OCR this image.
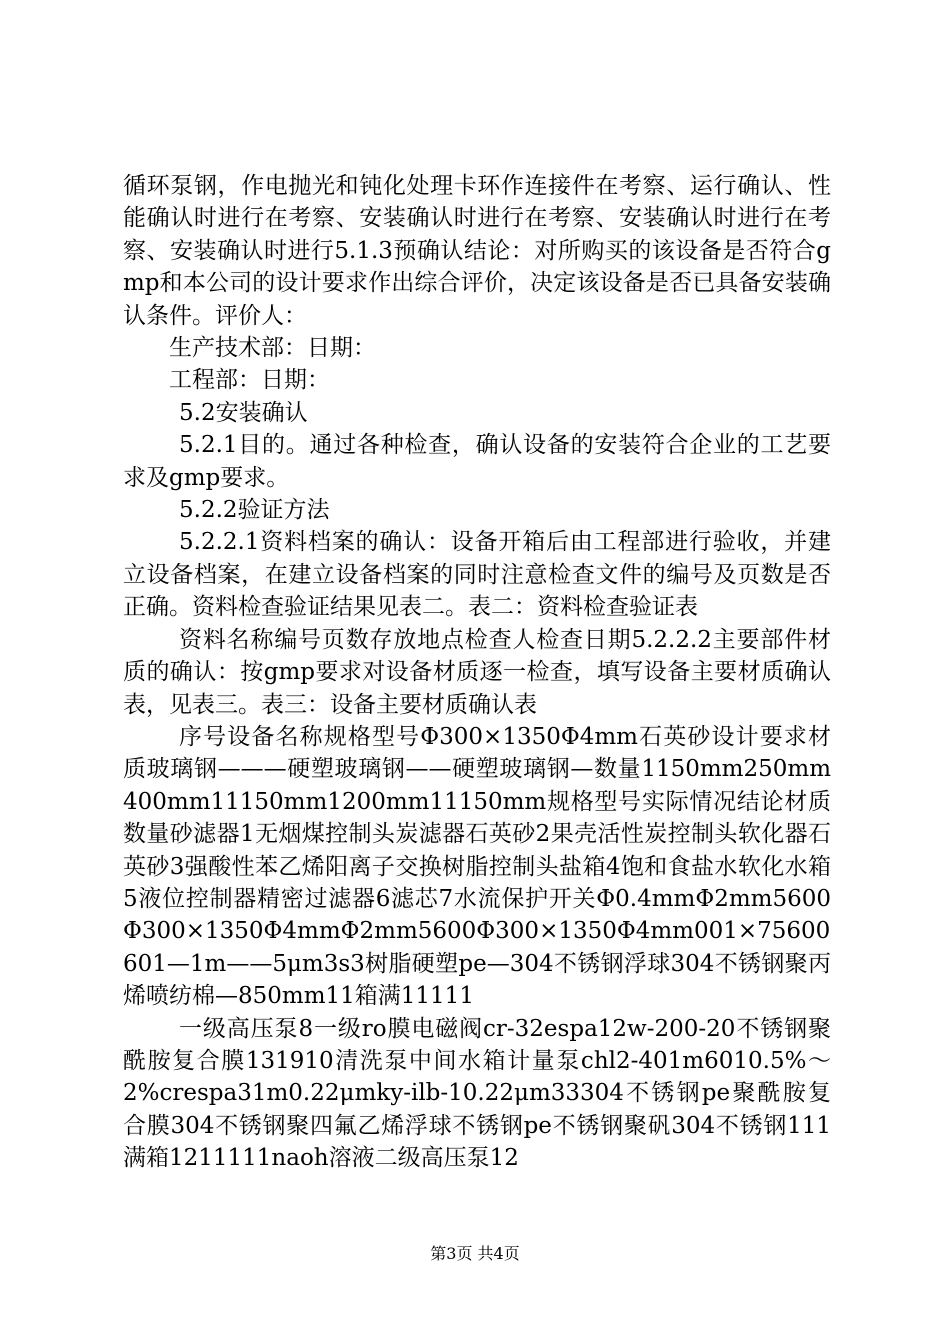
循环泵钢，作电抛光和钝化处理卡环作连接件在考察、运行确认、性能确认时进行在考察、安装确认时进行在考察、安装确认时进行在考察、安装确认时进行5.1.3预确认结论：对所购买的该设备是否符合gmp和本公司的设计要求作出综合评价，决定该设备是否已具备安装确认条件。评价人：

生产技术部：日期：

工程部：日期：

5.2安装确认

5.2.1目的。通过各种检查，确认设备的安装符合企业的工艺要求及gmp要求。

5.2.2验证方法

5.2.2.1资料档案的确认：设备开箱后由工程部进行验收，并建立设备档案，在建立设备档案的同时注意检查文件的编号及页数是否正确。资料检查验证结果见表二。表二：资料检查验证表

资料名称编号页数存放地点检查人检查日期5.2.2.2主要部件材质的确认：按gmp要求对设备材质逐一检查，填写设备主要材质确认表，见表三。表三：设备主要材质确认表

序号设备名称规格型号Φ300×1350Φ4mm石英砂设计要求材质玻璃钢———硬塑玻璃钢——硬塑玻璃钢—数量1150mm250mm400mm11150mm1200mm11150mm规格型号实际情况结论材质数量砂滤器1无烟煤控制头炭滤器石英砂2果壳活性炭控制头软化器石英砂3强酸性苯乙烯阳离子交换树脂控制头盐箱4饱和食盐水软化水箱5液位控制器精密过滤器6滤芯7水流保护开关Φ0.4mmΦ2mm5600Φ300×1350Φ4mmΦ2mm5600Φ300×1350Φ4mm001×75600601—1m——5μm3s3树脂硬塑pe—304不锈钢浮球304不锈钢聚丙烯喷纺棉—850mm11箱满11111

一级高压泵8一级ro膜电磁阀cr-32espa12w-200-20不锈钢聚酰胺复合膜131910清洗泵中间水箱计量泵chl2-401m6010.5%～2%crespa31m0.22μmky-ilb-10.22μm33304不锈钢pe聚酰胺复合膜304不锈钢聚四氟乙烯浮球不锈钢pe不锈钢聚矾304不锈钢111满箱1211111naoh溶液二级高压泵12

第3页 共4页
